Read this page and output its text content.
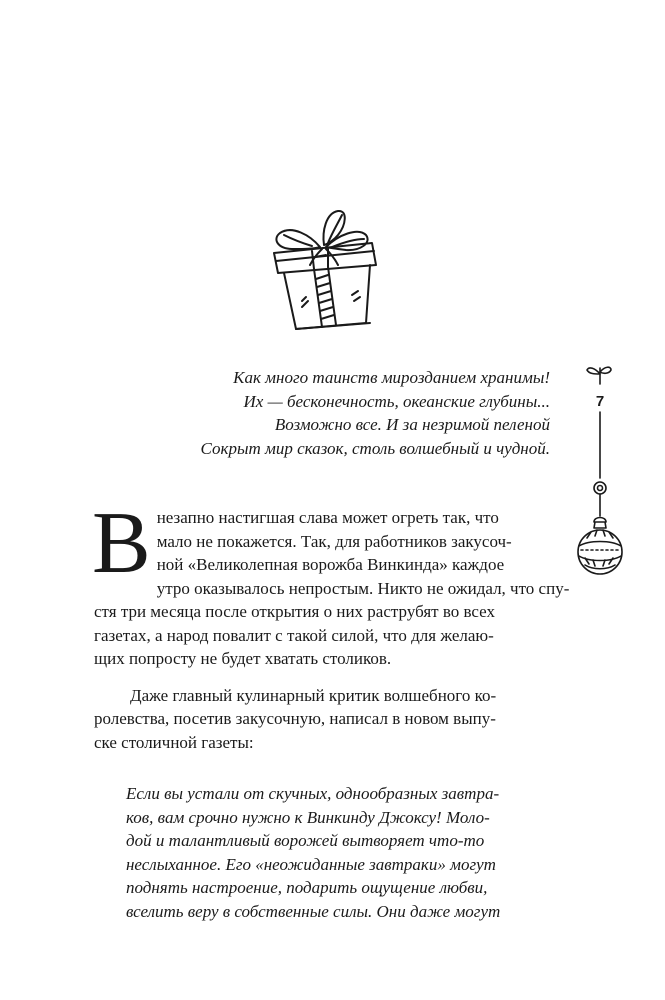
Как много таинств мирозданием хранимы!
Их — бесконечность, океанские глубины...
Возможно все. И за незримой пеленой
Сокрыт мир сказок, столь волшебный и чудной.
7

В незапно настигшая слава может огреть так, что
мало не покажется. Так, для работников закусоч-
ной «Великолепная ворожба Винкинда» каждое
утро оказывалось непростым. Никто не ожидал, что спу-
стя три месяца после открытия о них раструбят во всех
газетах, а народ повалит с такой силой, что для желаю-
щих попросту не будет хватать столиков.

Даже главный кулинарный критик волшебного ко-
ролевства, посетив закусочную, написал в новом выпу-
ске столичной газеты:

Если вы устали от скучных, однообразных завтра-
ков, вам срочно нужно к Винкинду Джоксу! Моло-
дой и талантливый ворожей вытворяет что-то
неслыханное. Его «неожиданные завтраки» могут
поднять настроение, подарить ощущение любви,
вселить веру в собственные силы. Они даже могут
